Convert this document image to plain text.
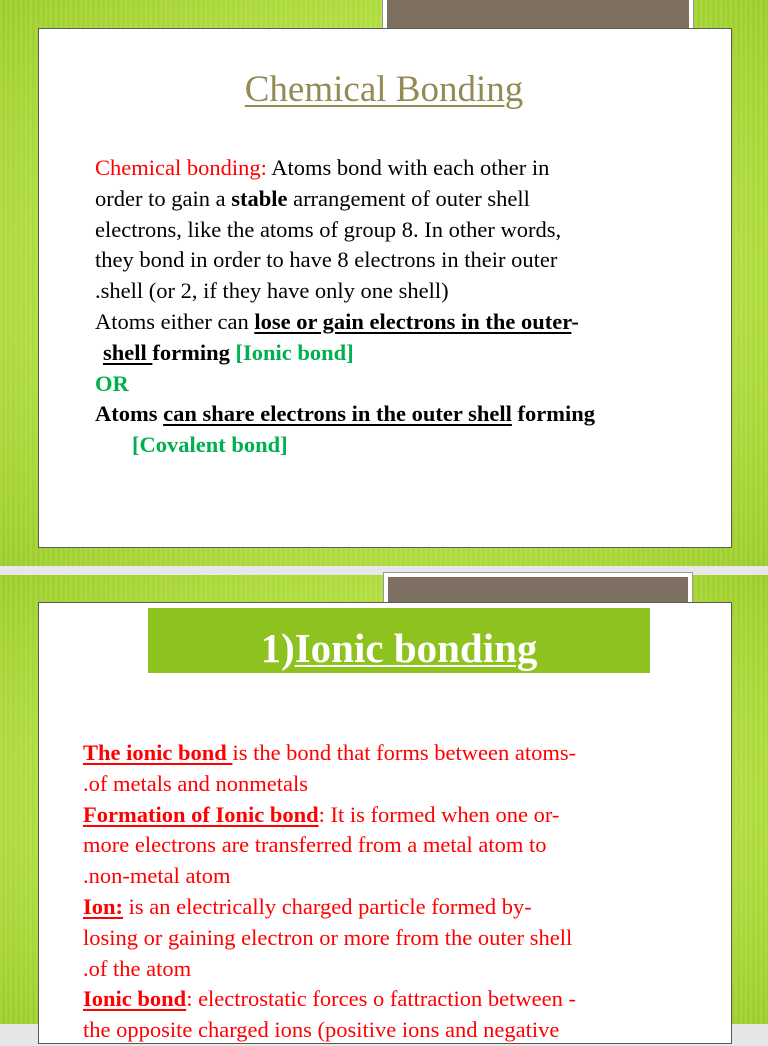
Chemical Bonding
Chemical bonding: Atoms bond with each other in
order to gain a stable arrangement of outer shell
electrons, like the atoms of group 8. In other words,
they bond in order to have 8 electrons in their outer
.shell (or 2, if they have only one shell)
Atoms either can lose or gain electrons in the outer-
shell forming [Ionic bond]
OR
Atoms can share electrons in the outer shell forming
[Covalent bond]
1)Ionic bonding
The ionic bond is the bond that forms between atoms-
.of metals and nonmetals
Formation of Ionic bond: It is formed when one or-
more electrons are transferred from a metal atom to
.non-metal atom
Ion: is an electrically charged particle formed by-
losing or gaining electron or more from the outer shell
.of the atom
Ionic bond: electrostatic forces o fattraction between -
the opposite charged ions (positive ions and negative
